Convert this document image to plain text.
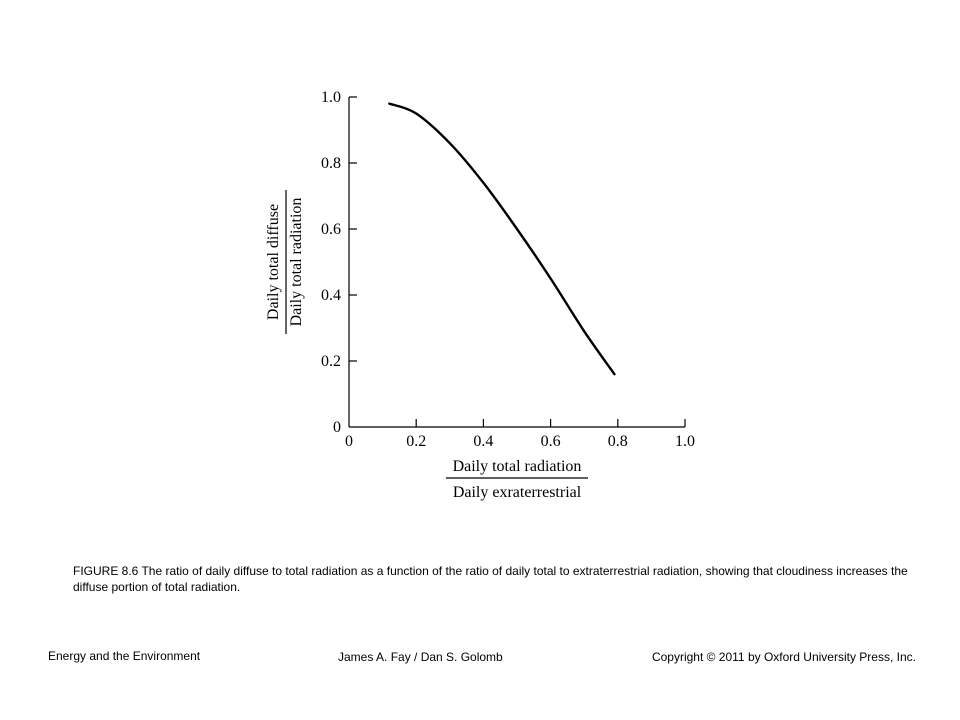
0	0.2	0.4	0.6	0.8	1.0
0
0.2
0.4
0.6
0.8
1.0
Daily total radiation
Daily exraterrestrial
Daily total diffuse Daily total radiation
FIGURE 8.6 The ratio of daily diffuse to total radiation as a function of the ratio of daily total to extraterrestrial radiation, showing that cloudiness increases the diffuse portion of total radiation.
Energy and the Environment	James A. Fay / Dan S. Golomb	Copyright © 2011 by Oxford University Press, Inc.
